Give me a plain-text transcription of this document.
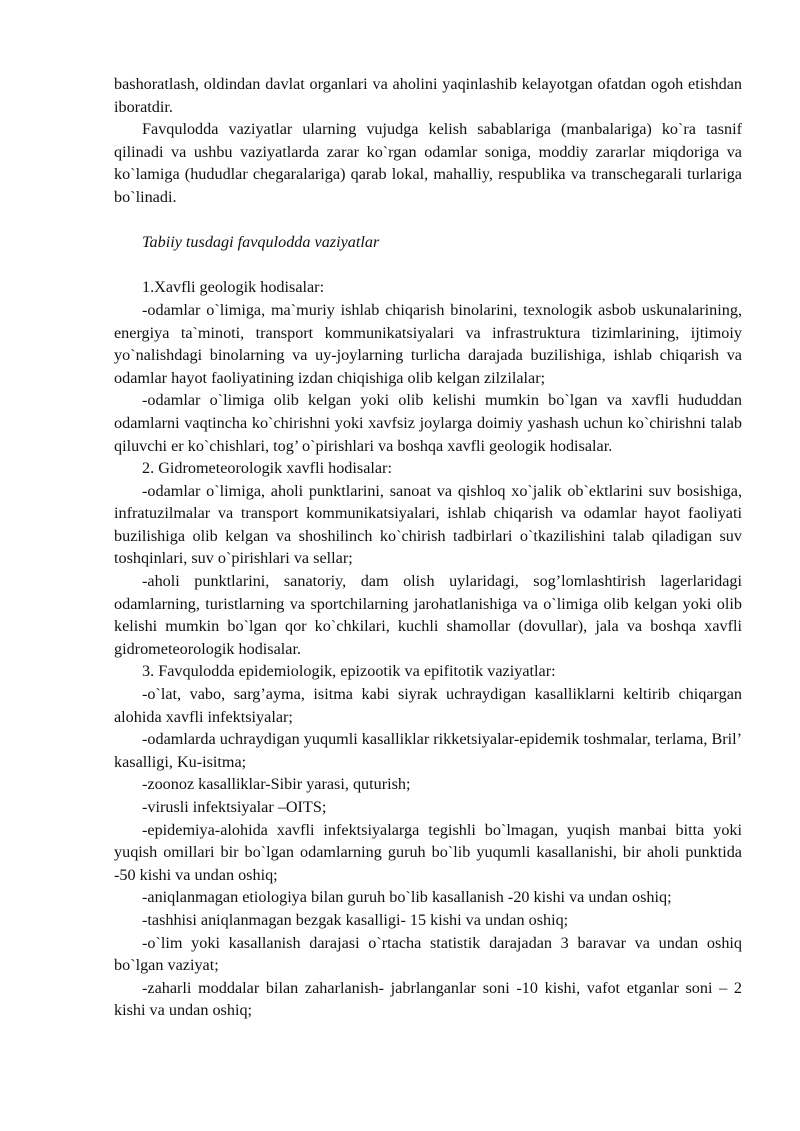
bashoratlash, oldindan davlat organlari va aholini yaqinlashib kelayotgan ofatdan ogoh etishdan iboratdir.

Favqulodda vaziyatlar ularning vujudga kelish sabablariga (manbalariga) ko`ra tasnif qilinadi va ushbu vaziyatlarda zarar ko`rgan odamlar soniga, moddiy zararlar miqdoriga va ko`lamiga (hududlar chegaralariga) qarab lokal, mahalliy, respublika va transchegarali turlariga bo`linadi.

Tabiiy tusdagi favqulodda vaziyatlar

1.Xavfli geologik hodisalar:

-odamlar o`limiga, ma`muriy ishlab chiqarish binolarini, texnologik asbob uskunalarining, energiya ta`minoti, transport kommunikatsiyalari va infrastruktura tizimlarining, ijtimoiy yo`nalishdagi binolarning va uy-joylarning turlicha darajada buzilishiga, ishlab chiqarish va odamlar hayot faoliyatining izdan chiqishiga olib kelgan zilzilalar;

-odamlar o`limiga olib kelgan yoki olib kelishi mumkin bo`lgan va xavfli hududdan odamlarni vaqtincha ko`chirishni yoki xavfsiz joylarga doimiy yashash uchun ko`chirishni talab qiluvchi er ko`chishlari, tog’ o`pirishlari va boshqa xavfli geologik hodisalar.

2. Gidrometeorologik xavfli hodisalar:

-odamlar o`limiga, aholi punktlarini, sanoat va qishloq xo`jalik ob`ektlarini suv bosishiga, infratuzilmalar va transport kommunikatsiyalari, ishlab chiqarish va odamlar hayot faoliyati buzilishiga olib kelgan va shoshilinch ko`chirish tadbirlari o`tkazilishini talab qiladigan suv toshqinlari, suv o`pirishlari va sellar;

-aholi punktlarini, sanatoriy, dam olish uylaridagi, sog’lomlashtirish lagerlaridagi odamlarning, turistlarning va sportchilarning jarohatlanishiga va o`limiga olib kelgan yoki olib kelishi mumkin bo`lgan qor ko`chkilari, kuchli shamollar (dovullar), jala va boshqa xavfli gidrometeorologik hodisalar.

3. Favqulodda epidemiologik, epizootik va epifitotik vaziyatlar:

-o`lat, vabo, sarg’ayma, isitma kabi siyrak uchraydigan kasalliklarni keltirib chiqargan alohida xavfli infektsiyalar;

-odamlarda uchraydigan yuqumli kasalliklar rikketsiyalar-epidemik toshmalar, terlama, Bril’ kasalligi, Ku-isitma;

-zoonoz kasalliklar-Sibir yarasi, quturish;

-virusli infektsiyalar –OITS;

-epidemiya-alohida xavfli infektsiyalarga tegishli bo`lmagan, yuqish manbai bitta yoki yuqish omillari bir bo`lgan odamlarning guruh bo`lib yuqumli kasallanishi, bir aholi punktida -50 kishi va undan oshiq;

-aniqlanmagan etiologiya bilan guruh bo`lib kasallanish -20 kishi va undan oshiq;

-tashhisi aniqlanmagan bezgak kasalligi- 15 kishi va undan oshiq;

-o`lim yoki kasallanish darajasi o`rtacha statistik darajadan 3 baravar va undan oshiq bo`lgan vaziyat;

-zaharli moddalar bilan zaharlanish- jabrlanganlar soni -10 kishi, vafot etganlar soni – 2 kishi va undan oshiq;
